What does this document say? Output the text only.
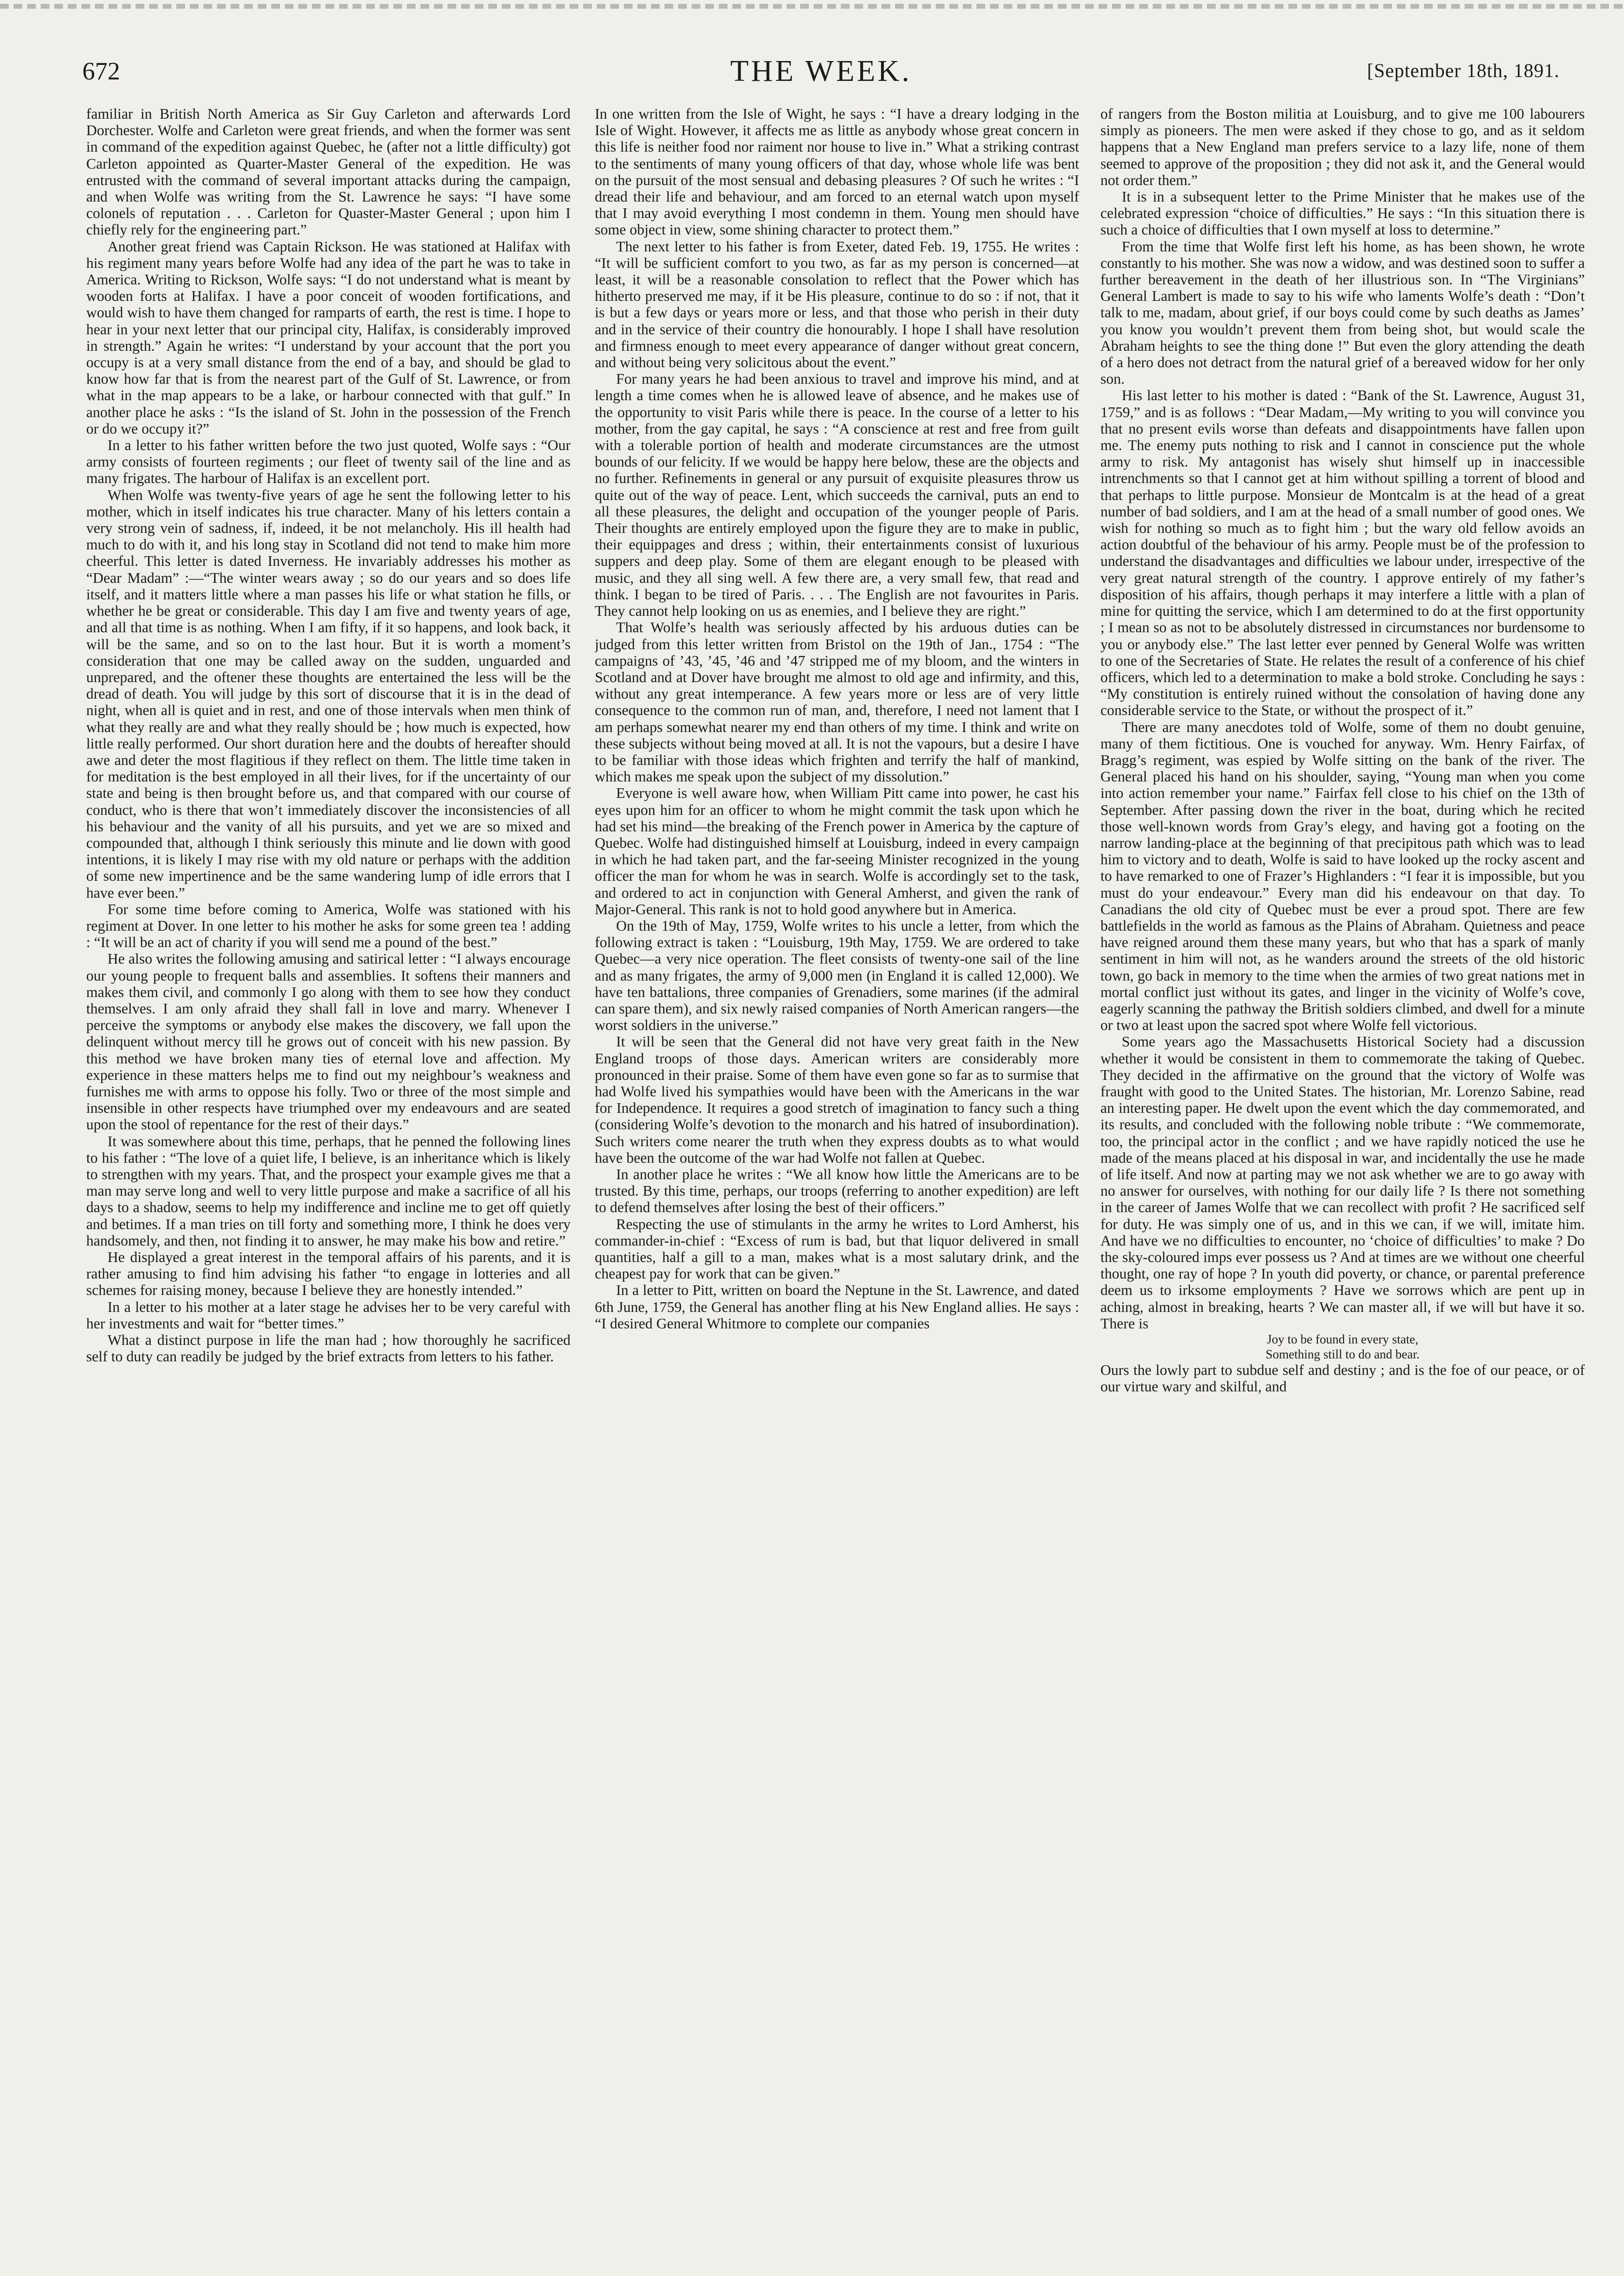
672	THE WEEK.	[September 18th, 1891.

familiar in British North America as Sir Guy Carleton and afterwards Lord Dorchester. Wolfe and Carleton were great friends, and when the former was sent in command of the expedition against Quebec, he (after not a little difficulty) got Carleton appointed as Quarter-Master General of the expedition. He was entrusted with the command of several important attacks during the campaign, and when Wolfe was writing from the St. Lawrence he says: “I have some colonels of reputation . . . Carleton for Quaster-Master General ; upon him I chiefly rely for the engineering part.”

Another great friend was Captain Rickson. He was stationed at Halifax with his regiment many years before Wolfe had any idea of the part he was to take in America. Writing to Rickson, Wolfe says: “I do not understand what is meant by wooden forts at Halifax. I have a poor conceit of wooden fortifications, and would wish to have them changed for ramparts of earth, the rest is time. I hope to hear in your next letter that our principal city, Halifax, is considerably improved in strength.” Again he writes: “I understand by your account that the port you occupy is at a very small distance from the end of a bay, and should be glad to know how far that is from the nearest part of the Gulf of St. Lawrence, or from what in the map appears to be a lake, or harbour connected with that gulf.” In another place he asks : “Is the island of St. John in the possession of the French or do we occupy it?”

In a letter to his father written before the two just quoted, Wolfe says : “Our army consists of fourteen regiments ; our fleet of twenty sail of the line and as many frigates. The harbour of Halifax is an excellent port.

When Wolfe was twenty-five years of age he sent the following letter to his mother, which in itself indicates his true character. Many of his letters contain a very strong vein of sadness, if, indeed, it be not melancholy. His ill health had much to do with it, and his long stay in Scotland did not tend to make him more cheerful. This letter is dated Inverness. He invariably addresses his mother as “Dear Madam” :—“The winter wears away ; so do our years and so does life itself, and it matters little where a man passes his life or what station he fills, or whether he be great or considerable. This day I am five and twenty years of age, and all that time is as nothing. When I am fifty, if it so happens, and look back, it will be the same, and so on to the last hour. But it is worth a moment’s consideration that one may be called away on the sudden, unguarded and unprepared, and the oftener these thoughts are entertained the less will be the dread of death. You will judge by this sort of discourse that it is in the dead of night, when all is quiet and in rest, and one of those intervals when men think of what they really are and what they really should be ; how much is expected, how little really performed. Our short duration here and the doubts of hereafter should awe and deter the most flagitious if they reflect on them. The little time taken in for meditation is the best employed in all their lives, for if the uncertainty of our state and being is then brought before us, and that compared with our course of conduct, who is there that won’t immediately discover the inconsistencies of all his behaviour and the vanity of all his pursuits, and yet we are so mixed and compounded that, although I think seriously this minute and lie down with good intentions, it is likely I may rise with my old nature or perhaps with the addition of some new impertinence and be the same wandering lump of idle errors that I have ever been.”

For some time before coming to America, Wolfe was stationed with his regiment at Dover. In one letter to his mother he asks for some green tea ! adding : “It will be an act of charity if you will send me a pound of the best.”

He also writes the following amusing and satirical letter : “I always encourage our young people to frequent balls and assemblies. It softens their manners and makes them civil, and commonly I go along with them to see how they conduct themselves. I am only afraid they shall fall in love and marry. Whenever I perceive the symptoms or anybody else makes the discovery, we fall upon the delinquent without mercy till he grows out of conceit with his new passion. By this method we have broken many ties of eternal love and affection. My experience in these matters helps me to find out my neighbour’s weakness and furnishes me with arms to oppose his folly. Two or three of the most simple and insensible in other respects have triumphed over my endeavours and are seated upon the stool of repentance for the rest of their days.”

It was somewhere about this time, perhaps, that he penned the following lines to his father : “The love of a quiet life, I believe, is an inheritance which is likely to strengthen with my years. That, and the prospect your example gives me that a man may serve long and well to very little purpose and make a sacrifice of all his days to a shadow, seems to help my indifference and incline me to get off quietly and betimes. If a man tries on till forty and something more, I think he does very handsomely, and then, not finding it to answer, he may make his bow and retire.”

He displayed a great interest in the temporal affairs of his parents, and it is rather amusing to find him advising his father “to engage in lotteries and all schemes for raising money, because I believe they are honestly intended.”

In a letter to his mother at a later stage he advises her to be very careful with her investments and wait for “better times.”

What a distinct purpose in life the man had ; how thoroughly he sacrificed self to duty can readily be judged by the brief extracts from letters to his father.

In one written from the Isle of Wight, he says : “I have a dreary lodging in the Isle of Wight. However, it affects me as little as anybody whose great concern in this life is neither food nor raiment nor house to live in.” What a striking contrast to the sentiments of many young officers of that day, whose whole life was bent on the pursuit of the most sensual and debasing pleasures ? Of such he writes : “I dread their life and behaviour, and am forced to an eternal watch upon myself that I may avoid everything I most condemn in them. Young men should have some object in view, some shining character to protect them.”

The next letter to his father is from Exeter, dated Feb. 19, 1755. He writes : “It will be sufficient comfort to you two, as far as my person is concerned—at least, it will be a reasonable consolation to reflect that the Power which has hitherto preserved me may, if it be His pleasure, continue to do so : if not, that it is but a few days or years more or less, and that those who perish in their duty and in the service of their country die honourably. I hope I shall have resolution and firmness enough to meet every appearance of danger without great concern, and without being very solicitous about the event.”

For many years he had been anxious to travel and improve his mind, and at length a time comes when he is allowed leave of absence, and he makes use of the opportunity to visit Paris while there is peace. In the course of a letter to his mother, from the gay capital, he says : “A conscience at rest and free from guilt with a tolerable portion of health and moderate circumstances are the utmost bounds of our felicity. If we would be happy here below, these are the objects and no further. Refinements in general or any pursuit of exquisite pleasures throw us quite out of the way of peace. Lent, which succeeds the carnival, puts an end to all these pleasures, the delight and occupation of the younger people of Paris. Their thoughts are entirely employed upon the figure they are to make in public, their equippages and dress ; within, their entertainments consist of luxurious suppers and deep play. Some of them are elegant enough to be pleased with music, and they all sing well. A few there are, a very small few, that read and think. I began to be tired of Paris. . . . The English are not favourites in Paris. They cannot help looking on us as enemies, and I believe they are right.”

That Wolfe’s health was seriously affected by his arduous duties can be judged from this letter written from Bristol on the 19th of Jan., 1754 : “The campaigns of ’43, ’45, ’46 and ’47 stripped me of my bloom, and the winters in Scotland and at Dover have brought me almost to old age and infirmity, and this, without any great intemperance. A few years more or less are of very little consequence to the common run of man, and, therefore, I need not lament that I am perhaps somewhat nearer my end than others of my time. I think and write on these subjects without being moved at all. It is not the vapours, but a desire I have to be familiar with those ideas which frighten and terrify the half of mankind, which makes me speak upon the subject of my dissolution.”

Everyone is well aware how, when William Pitt came into power, he cast his eyes upon him for an officer to whom he might commit the task upon which he had set his mind—the breaking of the French power in America by the capture of Quebec. Wolfe had distinguished himself at Louisburg, indeed in every campaign in which he had taken part, and the far-seeing Minister recognized in the young officer the man for whom he was in search. Wolfe is accordingly set to the task, and ordered to act in conjunction with General Amherst, and given the rank of Major-General. This rank is not to hold good anywhere but in America.

On the 19th of May, 1759, Wolfe writes to his uncle a letter, from which the following extract is taken : “Louisburg, 19th May, 1759. We are ordered to take Quebec—a very nice operation. The fleet consists of twenty-one sail of the line and as many frigates, the army of 9,000 men (in England it is called 12,000). We have ten battalions, three companies of Grenadiers, some marines (if the admiral can spare them), and six newly raised companies of North American rangers—the worst soldiers in the universe.”

It will be seen that the General did not have very great faith in the New England troops of those days. American writers are considerably more pronounced in their praise. Some of them have even gone so far as to surmise that had Wolfe lived his sympathies would have been with the Americans in the war for Independence. It requires a good stretch of imagination to fancy such a thing (considering Wolfe’s devotion to the monarch and his hatred of insubordination). Such writers come nearer the truth when they express doubts as to what would have been the outcome of the war had Wolfe not fallen at Quebec.

In another place he writes : “We all know how little the Americans are to be trusted. By this time, perhaps, our troops (referring to another expedition) are left to defend themselves after losing the best of their officers.”

Respecting the use of stimulants in the army he writes to Lord Amherst, his commander-in-chief : “Excess of rum is bad, but that liquor delivered in small quantities, half a gill to a man, makes what is a most salutary drink, and the cheapest pay for work that can be given.”

In a letter to Pitt, written on board the Neptune in the St. Lawrence, and dated 6th June, 1759, the General has another fling at his New England allies. He says : “I desired General Whitmore to complete our companies

of rangers from the Boston militia at Louisburg, and to give me 100 labourers simply as pioneers. The men were asked if they chose to go, and as it seldom happens that a New England man prefers service to a lazy life, none of them seemed to approve of the proposition ; they did not ask it, and the General would not order them.”

It is in a subsequent letter to the Prime Minister that he makes use of the celebrated expression “choice of difficulties.” He says : “In this situation there is such a choice of difficulties that I own myself at loss to determine.”

From the time that Wolfe first left his home, as has been shown, he wrote constantly to his mother. She was now a widow, and was destined soon to suffer a further bereavement in the death of her illustrious son. In “The Virginians” General Lambert is made to say to his wife who laments Wolfe’s death : “Don’t talk to me, madam, about grief, if our boys could come by such deaths as James’ you know you wouldn’t prevent them from being shot, but would scale the Abraham heights to see the thing done !” But even the glory attending the death of a hero does not detract from the natural grief of a bereaved widow for her only son.

His last letter to his mother is dated : “Bank of the St. Lawrence, August 31, 1759,” and is as follows : “Dear Madam,—My writing to you will convince you that no present evils worse than defeats and disappointments have fallen upon me. The enemy puts nothing to risk and I cannot in conscience put the whole army to risk. My antagonist has wisely shut himself up in inaccessible intrenchments so that I cannot get at him without spilling a torrent of blood and that perhaps to little purpose. Monsieur de Montcalm is at the head of a great number of bad soldiers, and I am at the head of a small number of good ones. We wish for nothing so much as to fight him ; but the wary old fellow avoids an action doubtful of the behaviour of his army. People must be of the profession to understand the disadvantages and difficulties we labour under, irrespective of the very great natural strength of the country. I approve entirely of my father’s disposition of his affairs, though perhaps it may interfere a little with a plan of mine for quitting the service, which I am determined to do at the first opportunity ; I mean so as not to be absolutely distressed in circumstances nor burdensome to you or anybody else.” The last letter ever penned by General Wolfe was written to one of the Secretaries of State. He relates the result of a conference of his chief officers, which led to a determination to make a bold stroke. Concluding he says : “My constitution is entirely ruined without the consolation of having done any considerable service to the State, or without the prospect of it.”

There are many anecdotes told of Wolfe, some of them no doubt genuine, many of them fictitious. One is vouched for anyway. Wm. Henry Fairfax, of Bragg’s regiment, was espied by Wolfe sitting on the bank of the river. The General placed his hand on his shoulder, saying, “Young man when you come into action remember your name.” Fairfax fell close to his chief on the 13th of September. After passing down the river in the boat, during which he recited those well-known words from Gray’s elegy, and having got a footing on the narrow landing-place at the beginning of that precipitous path which was to lead him to victory and to death, Wolfe is said to have looked up the rocky ascent and to have remarked to one of Frazer’s Highlanders : “I fear it is impossible, but you must do your endeavour.” Every man did his endeavour on that day. To Canadians the old city of Quebec must be ever a proud spot. There are few battlefields in the world as famous as the Plains of Abraham. Quietness and peace have reigned around them these many years, but who that has a spark of manly sentiment in him will not, as he wanders around the streets of the old historic town, go back in memory to the time when the armies of two great nations met in mortal conflict just without its gates, and linger in the vicinity of Wolfe’s cove, eagerly scanning the pathway the British soldiers climbed, and dwell for a minute or two at least upon the sacred spot where Wolfe fell victorious.

Some years ago the Massachusetts Historical Society had a discussion whether it would be consistent in them to commemorate the taking of Quebec. They decided in the affirmative on the ground that the victory of Wolfe was fraught with good to the United States. The historian, Mr. Lorenzo Sabine, read an interesting paper. He dwelt upon the event which the day commemorated, and its results, and concluded with the following noble tribute : “We commemorate, too, the principal actor in the conflict ; and we have rapidly noticed the use he made of the means placed at his disposal in war, and incidentally the use he made of life itself. And now at parting may we not ask whether we are to go away with no answer for ourselves, with nothing for our daily life ? Is there not something in the career of James Wolfe that we can recollect with profit ? He sacrificed self for duty. He was simply one of us, and in this we can, if we will, imitate him. And have we no difficulties to encounter, no ‘choice of difficulties’ to make ? Do the sky-coloured imps ever possess us ? And at times are we without one cheerful thought, one ray of hope ? In youth did poverty, or chance, or parental preference deem us to irksome employments ? Have we sorrows which are pent up in aching, almost in breaking, hearts ? We can master all, if we will but have it so. There is

Joy to be found in every state,

Something still to do and bear.

Ours the lowly part to subdue self and destiny ; and is the foe of our peace, or of our virtue wary and skilful, and
